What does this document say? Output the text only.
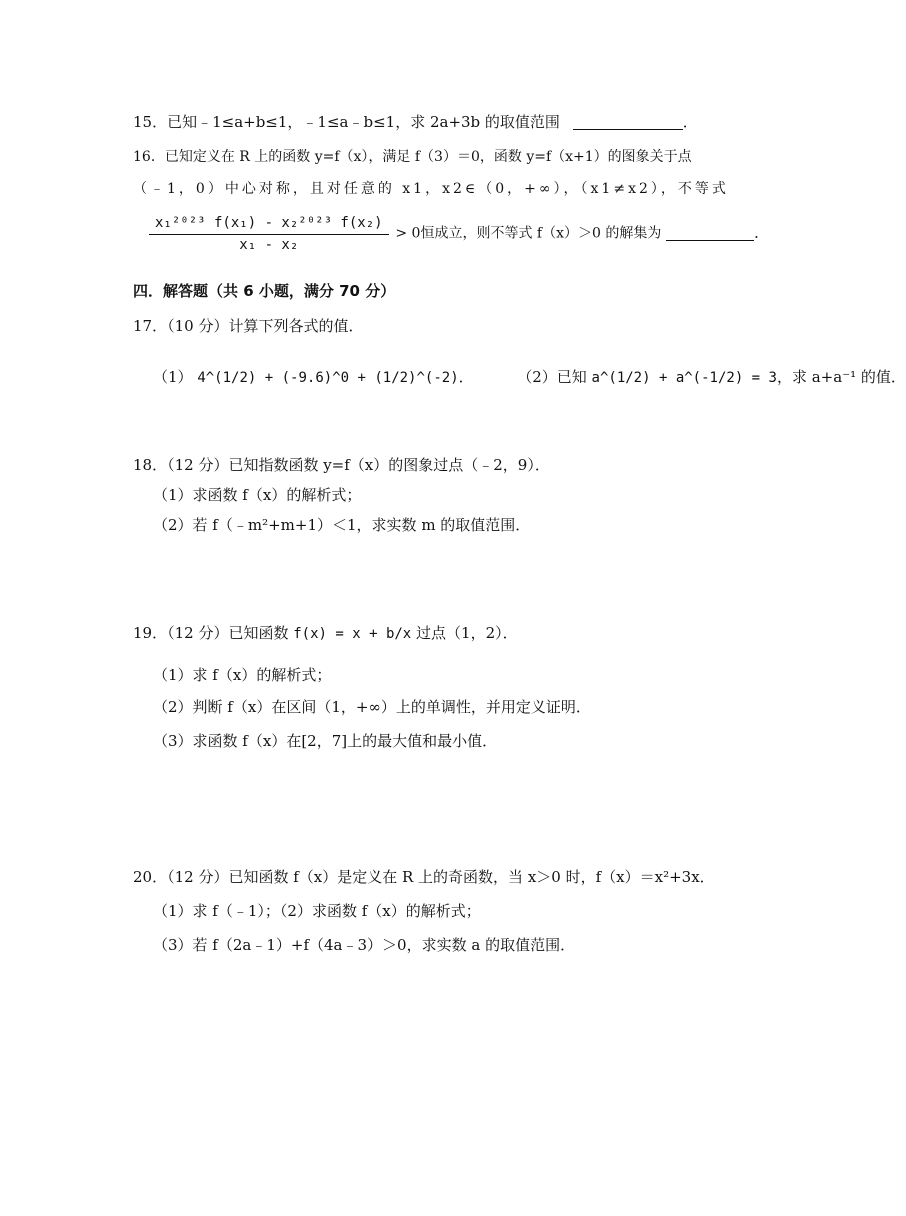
15．已知﹣1≤a+b≤1，﹣1≤a﹣b≤1，求 2a+3b 的取值范围	．
16．已知定义在 R 上的函数 y=f（x），满足 f（3）＝0，函数 y=f（x+1）的图象关于点
（﹣1，0）中心对称，且对任意的 x1，x2∈（0，+∞），（x1≠x2），不等式
$\frac{\text{x₁²⁰²³ f(x₁) - x₂²⁰²³ f(x₂)}}{\text{x₁ - x₂}} > 0$恒成立，则不等式 f（x）＞0 的解集为	．
四．解答题（共 6 小题，满分 70 分）
17．（10 分）计算下列各式的值．
（1） 4^(1/2) + (-9.6)^0 + (1/2)^(-2)．	（2）已知 a^(1/2) + a^(-1/2) = 3，求 a+a⁻¹ 的值．
18．（12 分）已知指数函数 y=f（x）的图象过点（﹣2，9）．
（1）求函数 f（x）的解析式；
（2）若 f（﹣m²+m+1）＜1，求实数 m 的取值范围．
19．（12 分）已知函数 f(x) = x + b/x 过点（1，2）．
（1）求 f（x）的解析式；
（2）判断 f（x）在区间（1，+∞）上的单调性，并用定义证明．
（3）求函数 f（x）在[2，7]上的最大值和最小值．
20．（12 分）已知函数 f（x）是定义在 R 上的奇函数，当 x＞0 时，f（x）＝x²+3x．
（1）求 f（﹣1）；（2）求函数 f（x）的解析式；
（3）若 f（2a﹣1）+f（4a﹣3）＞0，求实数 a 的取值范围．
